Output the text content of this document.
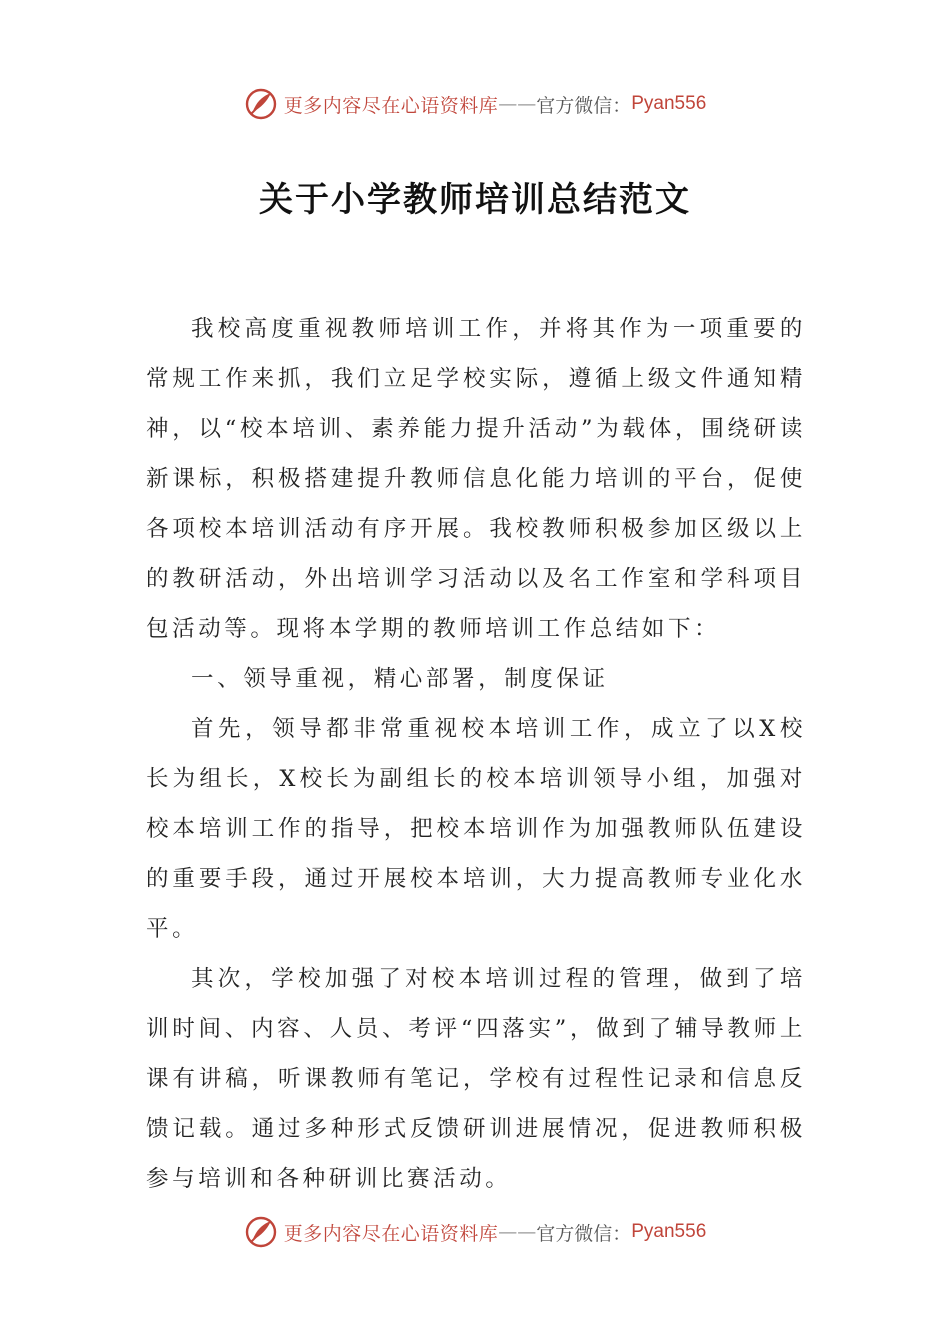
更多内容尽在心语资料库 —— 官方微信： Pyan556
关于小学教师培训总结范文

我校高度重视教师培训工作，并将其作为一项重要的常规工作来抓，我们立足学校实际，遵循上级文件通知精神，以“校本培训、素养能力提升活动”为载体，围绕研读新课标，积极搭建提升教师信息化能力培训的平台，促使各项校本培训活动有序开展。我校教师积极参加区级以上的教研活动，外出培训学习活动以及名工作室和学科项目包活动等。现将本学期的教师培训工作总结如下：

一、领导重视，精心部署，制度保证

首先，领导都非常重视校本培训工作，成立了以X校长为组长，X校长为副组长的校本培训领导小组，加强对校本培训工作的指导，把校本培训作为加强教师队伍建设的重要手段，通过开展校本培训，大力提高教师专业化水平。

其次，学校加强了对校本培训过程的管理，做到了培训时间、内容、人员、考评“四落实”，做到了辅导教师上课有讲稿，听课教师有笔记，学校有过程性记录和信息反馈记载。通过多种形式反馈研训进展情况，促进教师积极参与培训和各种研训比赛活动。

更多内容尽在心语资料库 —— 官方微信： Pyan556
